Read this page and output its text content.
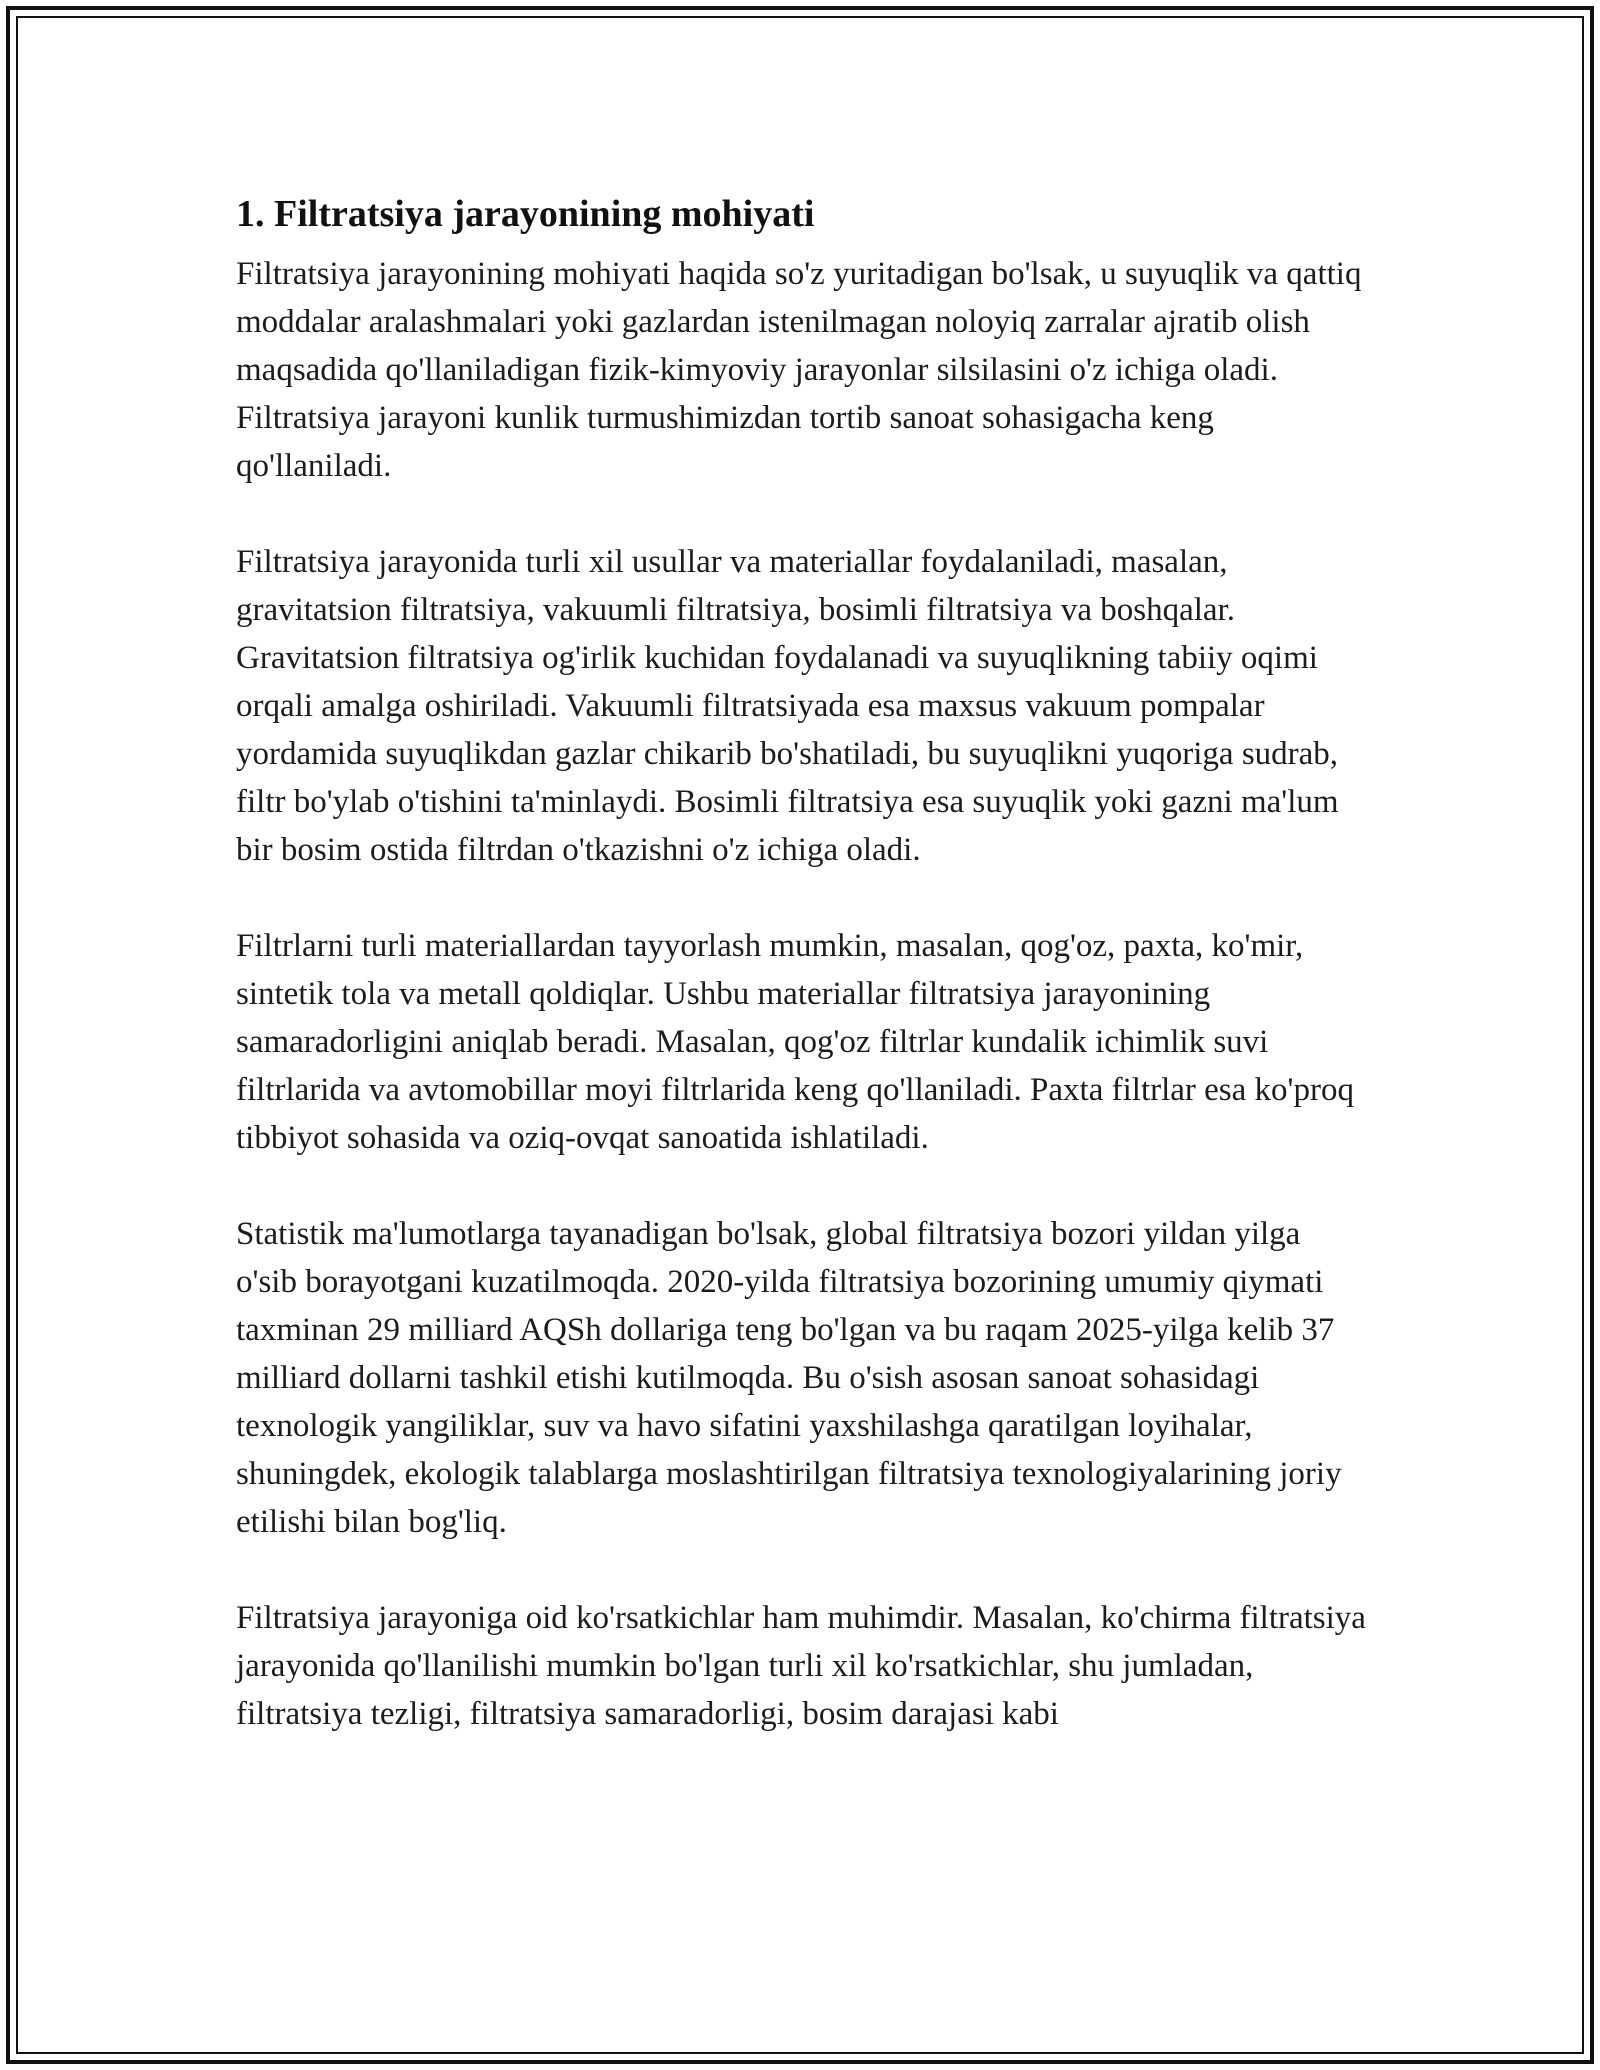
1. Filtratsiya jarayonining mohiyati

Filtratsiya jarayonining mohiyati haqida so'z yuritadigan bo'lsak, u suyuqlik va qattiq moddalar aralashmalari yoki gazlardan istenilmagan noloyiq zarralar ajratib olish maqsadida qo'llaniladigan fizik-kimyoviy jarayonlar silsilasini o'z ichiga oladi. Filtratsiya jarayoni kunlik turmushimizdan tortib sanoat sohasigacha keng qo'llaniladi.

Filtratsiya jarayonida turli xil usullar va materiallar foydalaniladi, masalan, gravitatsion filtratsiya, vakuumli filtratsiya, bosimli filtratsiya va boshqalar. Gravitatsion filtratsiya og'irlik kuchidan foydalanadi va suyuqlikning tabiiy oqimi orqali amalga oshiriladi. Vakuumli filtratsiyada esa maxsus vakuum pompalar yordamida suyuqlikdan gazlar chikarib bo'shatiladi, bu suyuqlikni yuqoriga sudrab, filtr bo'ylab o'tishini ta'minlaydi. Bosimli filtratsiya esa suyuqlik yoki gazni ma'lum bir bosim ostida filtrdan o'tkazishni o'z ichiga oladi.

Filtrlarni turli materiallardan tayyorlash mumkin, masalan, qog'oz, paxta, ko'mir, sintetik tola va metall qoldiqlar. Ushbu materiallar filtratsiya jarayonining samaradorligini aniqlab beradi. Masalan, qog'oz filtrlar kundalik ichimlik suvi filtrlarida va avtomobillar moyi filtrlarida keng qo'llaniladi. Paxta filtrlar esa ko'proq tibbiyot sohasida va oziq-ovqat sanoatida ishlatiladi.

Statistik ma'lumotlarga tayanadigan bo'lsak, global filtratsiya bozori yildan yilga o'sib borayotgani kuzatilmoqda. 2020-yilda filtratsiya bozorining umumiy qiymati taxminan 29 milliard AQSh dollariga teng bo'lgan va bu raqam 2025-yilga kelib 37 milliard dollarni tashkil etishi kutilmoqda. Bu o'sish asosan sanoat sohasidagi texnologik yangiliklar, suv va havo sifatini yaxshilashga qaratilgan loyihalar, shuningdek, ekologik talablarga moslashtirilgan filtratsiya texnologiyalarining joriy etilishi bilan bog'liq.

Filtratsiya jarayoniga oid ko'rsatkichlar ham muhimdir. Masalan, ko'chirma filtratsiya jarayonida qo'llanilishi mumkin bo'lgan turli xil ko'rsatkichlar, shu jumladan, filtratsiya tezligi, filtratsiya samaradorligi, bosim darajasi kabi
